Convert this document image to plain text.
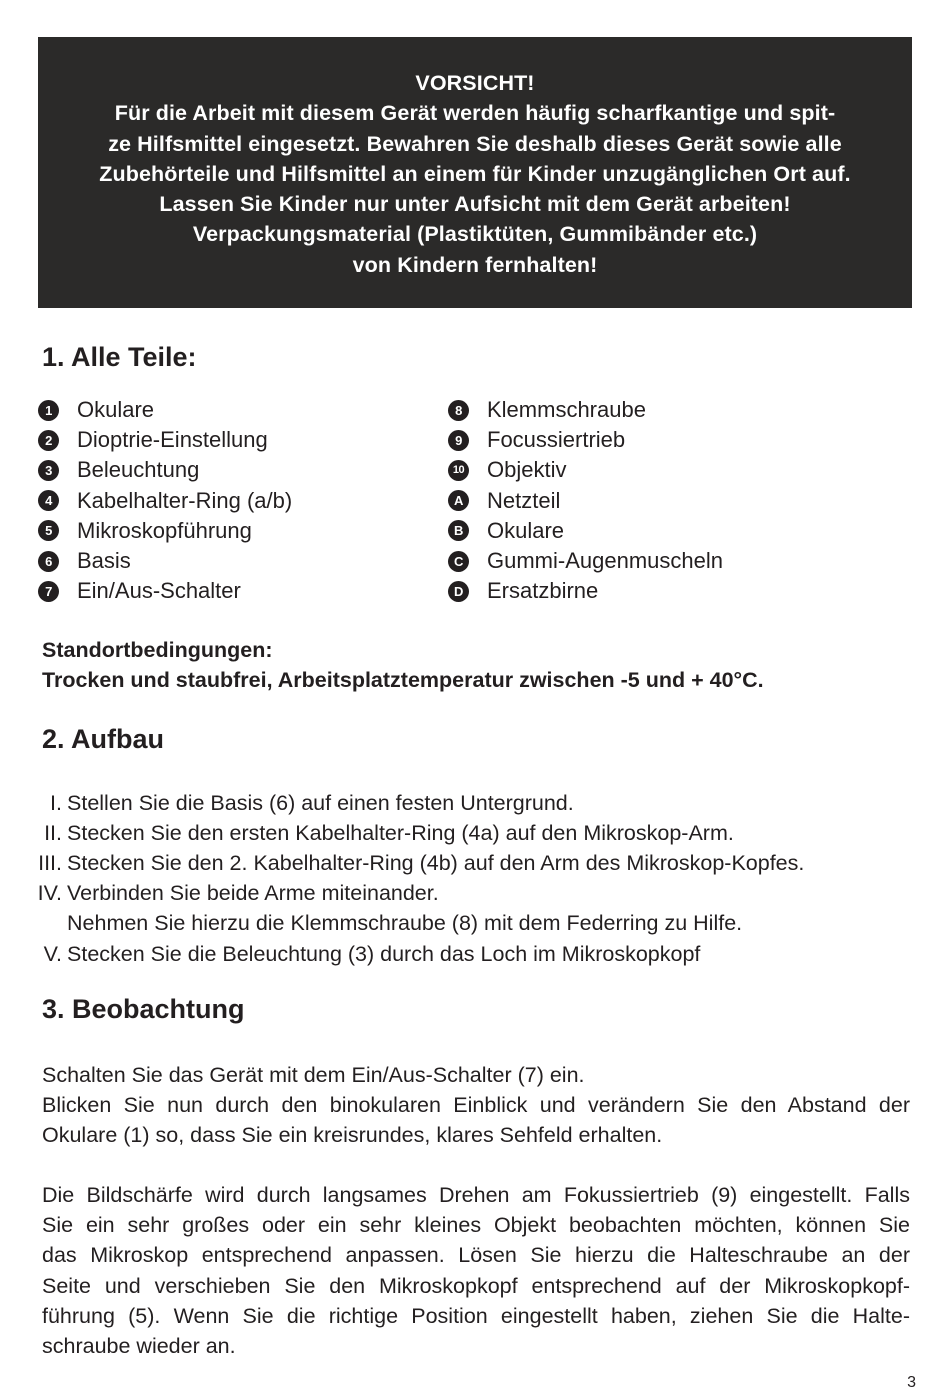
VORSICHT!
Für die Arbeit mit diesem Gerät werden häufig scharfkantige und spit-
ze Hilfsmittel eingesetzt. Bewahren Sie deshalb dieses Gerät sowie alle
Zubehörteile und Hilfsmittel an einem für Kinder unzugänglichen Ort auf.
Lassen Sie Kinder nur unter Aufsicht mit dem Gerät arbeiten!
Verpackungsmaterial (Plastiktüten, Gummibänder etc.)
von Kindern fernhalten!
1. Alle Teile:
1	Okulare
2	Dioptrie-Einstellung
3	Beleuchtung
4	Kabelhalter-Ring (a/b)
5	Mikroskopführung
6	Basis
7	Ein/Aus-Schalter
8	Klemmschraube
9	Focussiertrieb
10 Objektiv
A Netzteil
B Okulare
C Gummi-Augenmuscheln
D Ersatzbirne
Standortbedingungen:
Trocken und staubfrei, Arbeitsplatztemperatur zwischen -5 und + 40°C.
2. Aufbau
I. Stellen Sie die Basis (6) auf einen festen Untergrund.
II. Stecken Sie den ersten Kabelhalter-Ring (4a) auf den Mikroskop-Arm.
III. Stecken Sie den 2. Kabelhalter-Ring (4b) auf den Arm des Mikroskop-Kopfes.
IV. Verbinden Sie beide Arme miteinander.
Nehmen Sie hierzu die Klemmschraube (8) mit dem Federring zu Hilfe.
V. Stecken Sie die Beleuchtung (3) durch das Loch im Mikroskopkopf
3. Beobachtung
Schalten Sie das Gerät mit dem Ein/Aus-Schalter (7) ein.
Blicken Sie nun durch den binokularen Einblick und verändern Sie den Abstand der
Okulare (1) so, dass Sie ein kreisrundes, klares Sehfeld erhalten.
Die Bildschärfe wird durch langsames Drehen am Fokussiertrieb (9) eingestellt. Falls
Sie ein sehr großes oder ein sehr kleines Objekt beobachten möchten, können Sie
das Mikroskop entsprechend anpassen. Lösen Sie hierzu die Halteschraube an der
Seite und verschieben Sie den Mikroskopkopf entsprechend auf der Mikroskopkopf-
führung (5). Wenn Sie die richtige Position eingestellt haben, ziehen Sie die Halte-
schraube wieder an.
3
